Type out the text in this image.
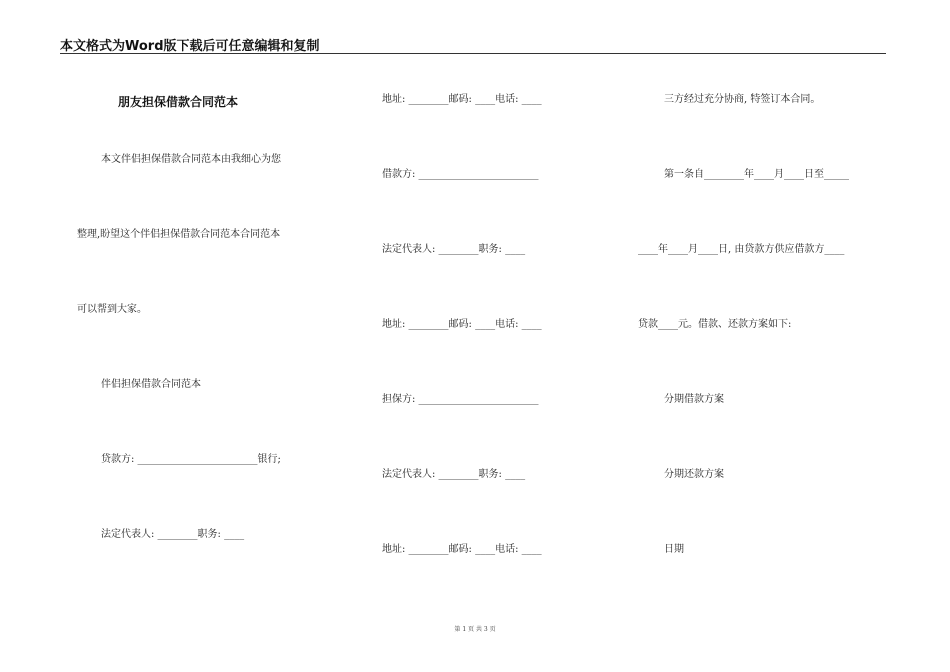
本文格式为Word版下载后可任意编辑和复制
朋友担保借款合同范本
本文伴侣担保借款合同范本由我细心为您
整理,盼望这个伴侣担保借款合同范本合同范本
可以帮到大家。
伴侣担保借款合同范本
贷款方: ________________________银行;
法定代表人: ________职务: ____
地址: ________邮码: ____电话: ____
借款方: ________________________
法定代表人: ________职务: ____
地址: ________邮码: ____电话: ____
担保方: ________________________
法定代表人: ________职务: ____
地址: ________邮码: ____电话: ____
三方经过充分协商, 特签订本合同。
第一条自________年____月____日至_____
____年____月____日, 由贷款方供应借款方____
贷款____元。借款、还款方案如下:
分期借款方案
分期还款方案
日期
第 1 页 共 3 页
